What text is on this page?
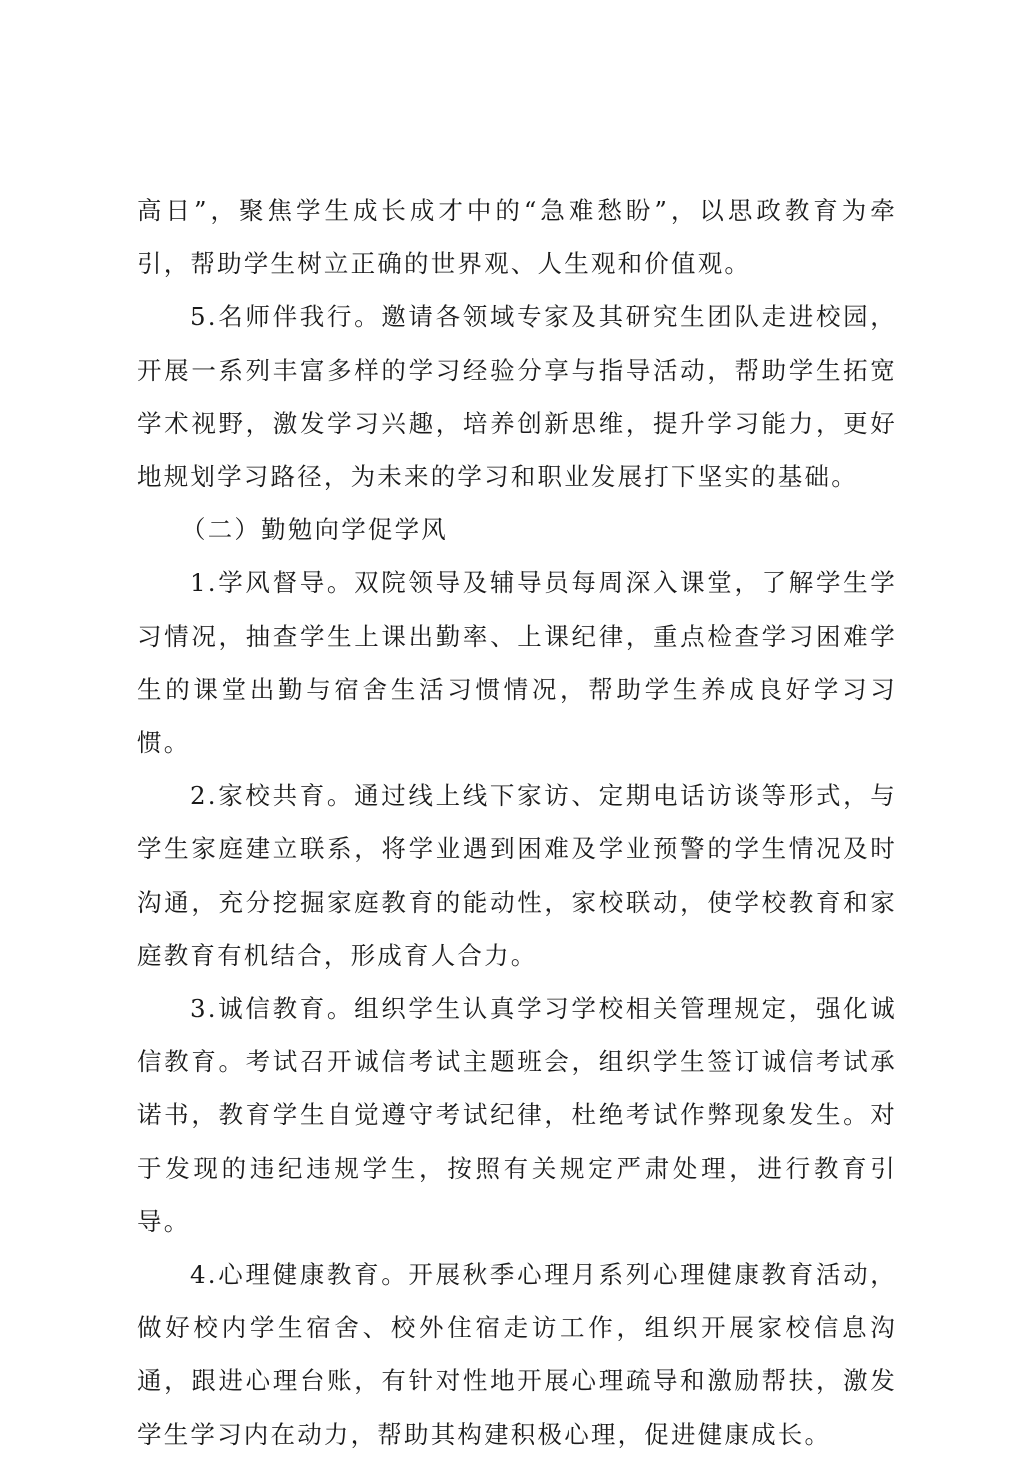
高日”，聚焦学生成长成才中的“急难愁盼”，以思政教育为牵引，帮助学生树立正确的世界观、人生观和价值观。

5.名师伴我行。邀请各领域专家及其研究生团队走进校园，开展一系列丰富多样的学习经验分享与指导活动，帮助学生拓宽学术视野，激发学习兴趣，培养创新思维，提升学习能力，更好地规划学习路径，为未来的学习和职业发展打下坚实的基础。

（二）勤勉向学促学风

1.学风督导。双院领导及辅导员每周深入课堂，了解学生学习情况，抽查学生上课出勤率、上课纪律，重点检查学习困难学生的课堂出勤与宿舍生活习惯情况，帮助学生养成良好学习习惯。

2.家校共育。通过线上线下家访、定期电话访谈等形式，与学生家庭建立联系，将学业遇到困难及学业预警的学生情况及时沟通，充分挖掘家庭教育的能动性，家校联动，使学校教育和家庭教育有机结合，形成育人合力。

3.诚信教育。组织学生认真学习学校相关管理规定，强化诚信教育。考试召开诚信考试主题班会，组织学生签订诚信考试承诺书，教育学生自觉遵守考试纪律，杜绝考试作弊现象发生。对于发现的违纪违规学生，按照有关规定严肃处理，进行教育引导。

4.心理健康教育。开展秋季心理月系列心理健康教育活动，做好校内学生宿舍、校外住宿走访工作，组织开展家校信息沟通，跟进心理台账，有针对性地开展心理疏导和激励帮扶，激发学生学习内在动力，帮助其构建积极心理，促进健康成长。
